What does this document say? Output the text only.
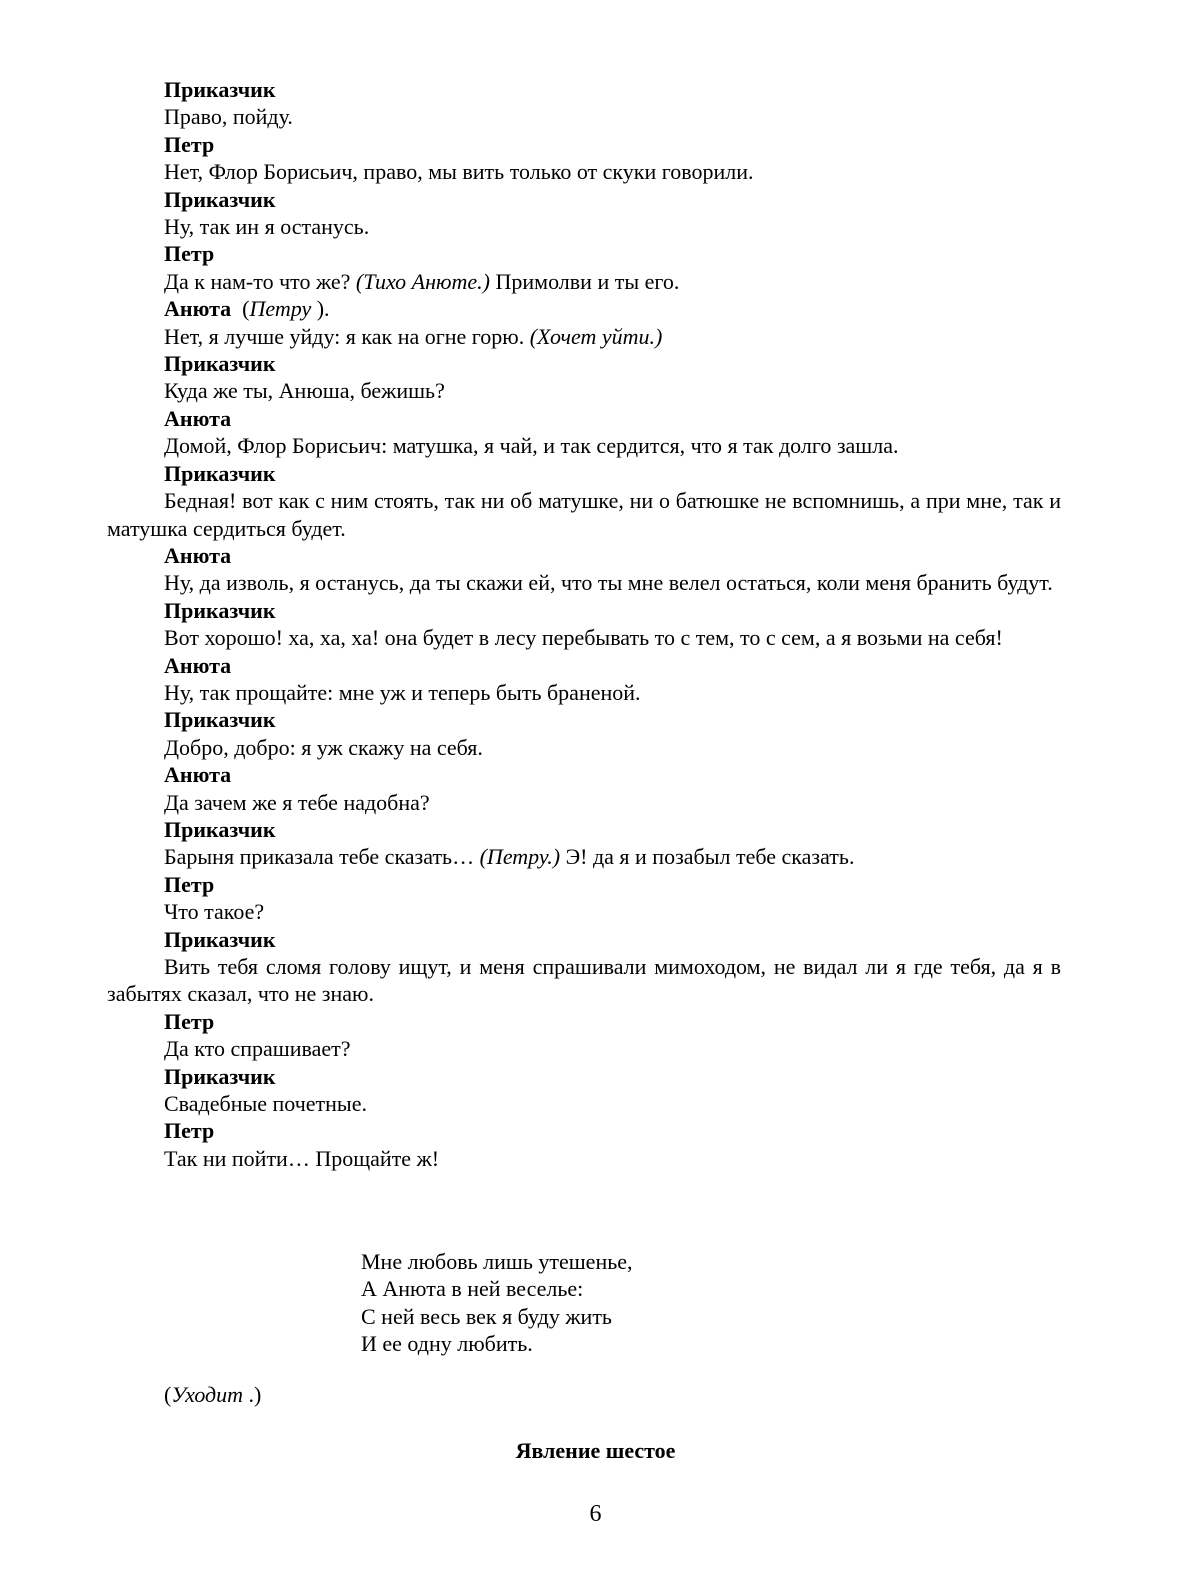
Приказчик
Право, пойду.
Петр
Нет, Флор Борисьич, право, мы вить только от скуки говорили.
Приказчик
Ну, так ин я останусь.
Петр
Да к нам-то что же? (Тихо Анюте.) Примолви и ты его.
Анюта (Петру ).
Нет, я лучше уйду: я как на огне горю. (Хочет уйти.)
Приказчик
Куда же ты, Анюша, бежишь?
Анюта
Домой, Флор Борисьич: матушка, я чай, и так сердится, что я так долго зашла.
Приказчик
Бедная! вот как с ним стоять, так ни об матушке, ни о батюшке не вспомнишь, а при мне, так и матушка сердиться будет.
Анюта
Ну, да изволь, я останусь, да ты скажи ей, что ты мне велел остаться, коли меня бранить будут.
Приказчик
Вот хорошо! ха, ха, ха! она будет в лесу перебывать то с тем, то с сем, а я возьми на себя!
Анюта
Ну, так прощайте: мне уж и теперь быть браненой.
Приказчик
Добро, добро: я уж скажу на себя.
Анюта
Да зачем же я тебе надобна?
Приказчик
Барыня приказала тебе сказать… (Петру.) Э! да я и позабыл тебе сказать.
Петр
Что такое?
Приказчик
Вить тебя сломя голову ищут, и меня спрашивали мимоходом, не видал ли я где тебя, да я в забытях сказал, что не знаю.
Петр
Да кто спрашивает?
Приказчик
Свадебные почетные.
Петр
Так ни пойти… Прощайте ж!
Мне любовь лишь утешенье,
А Анюта в ней веселье:
С ней весь век я буду жить
И ее одну любить.
(Уходит .)
Явление шестое
6
